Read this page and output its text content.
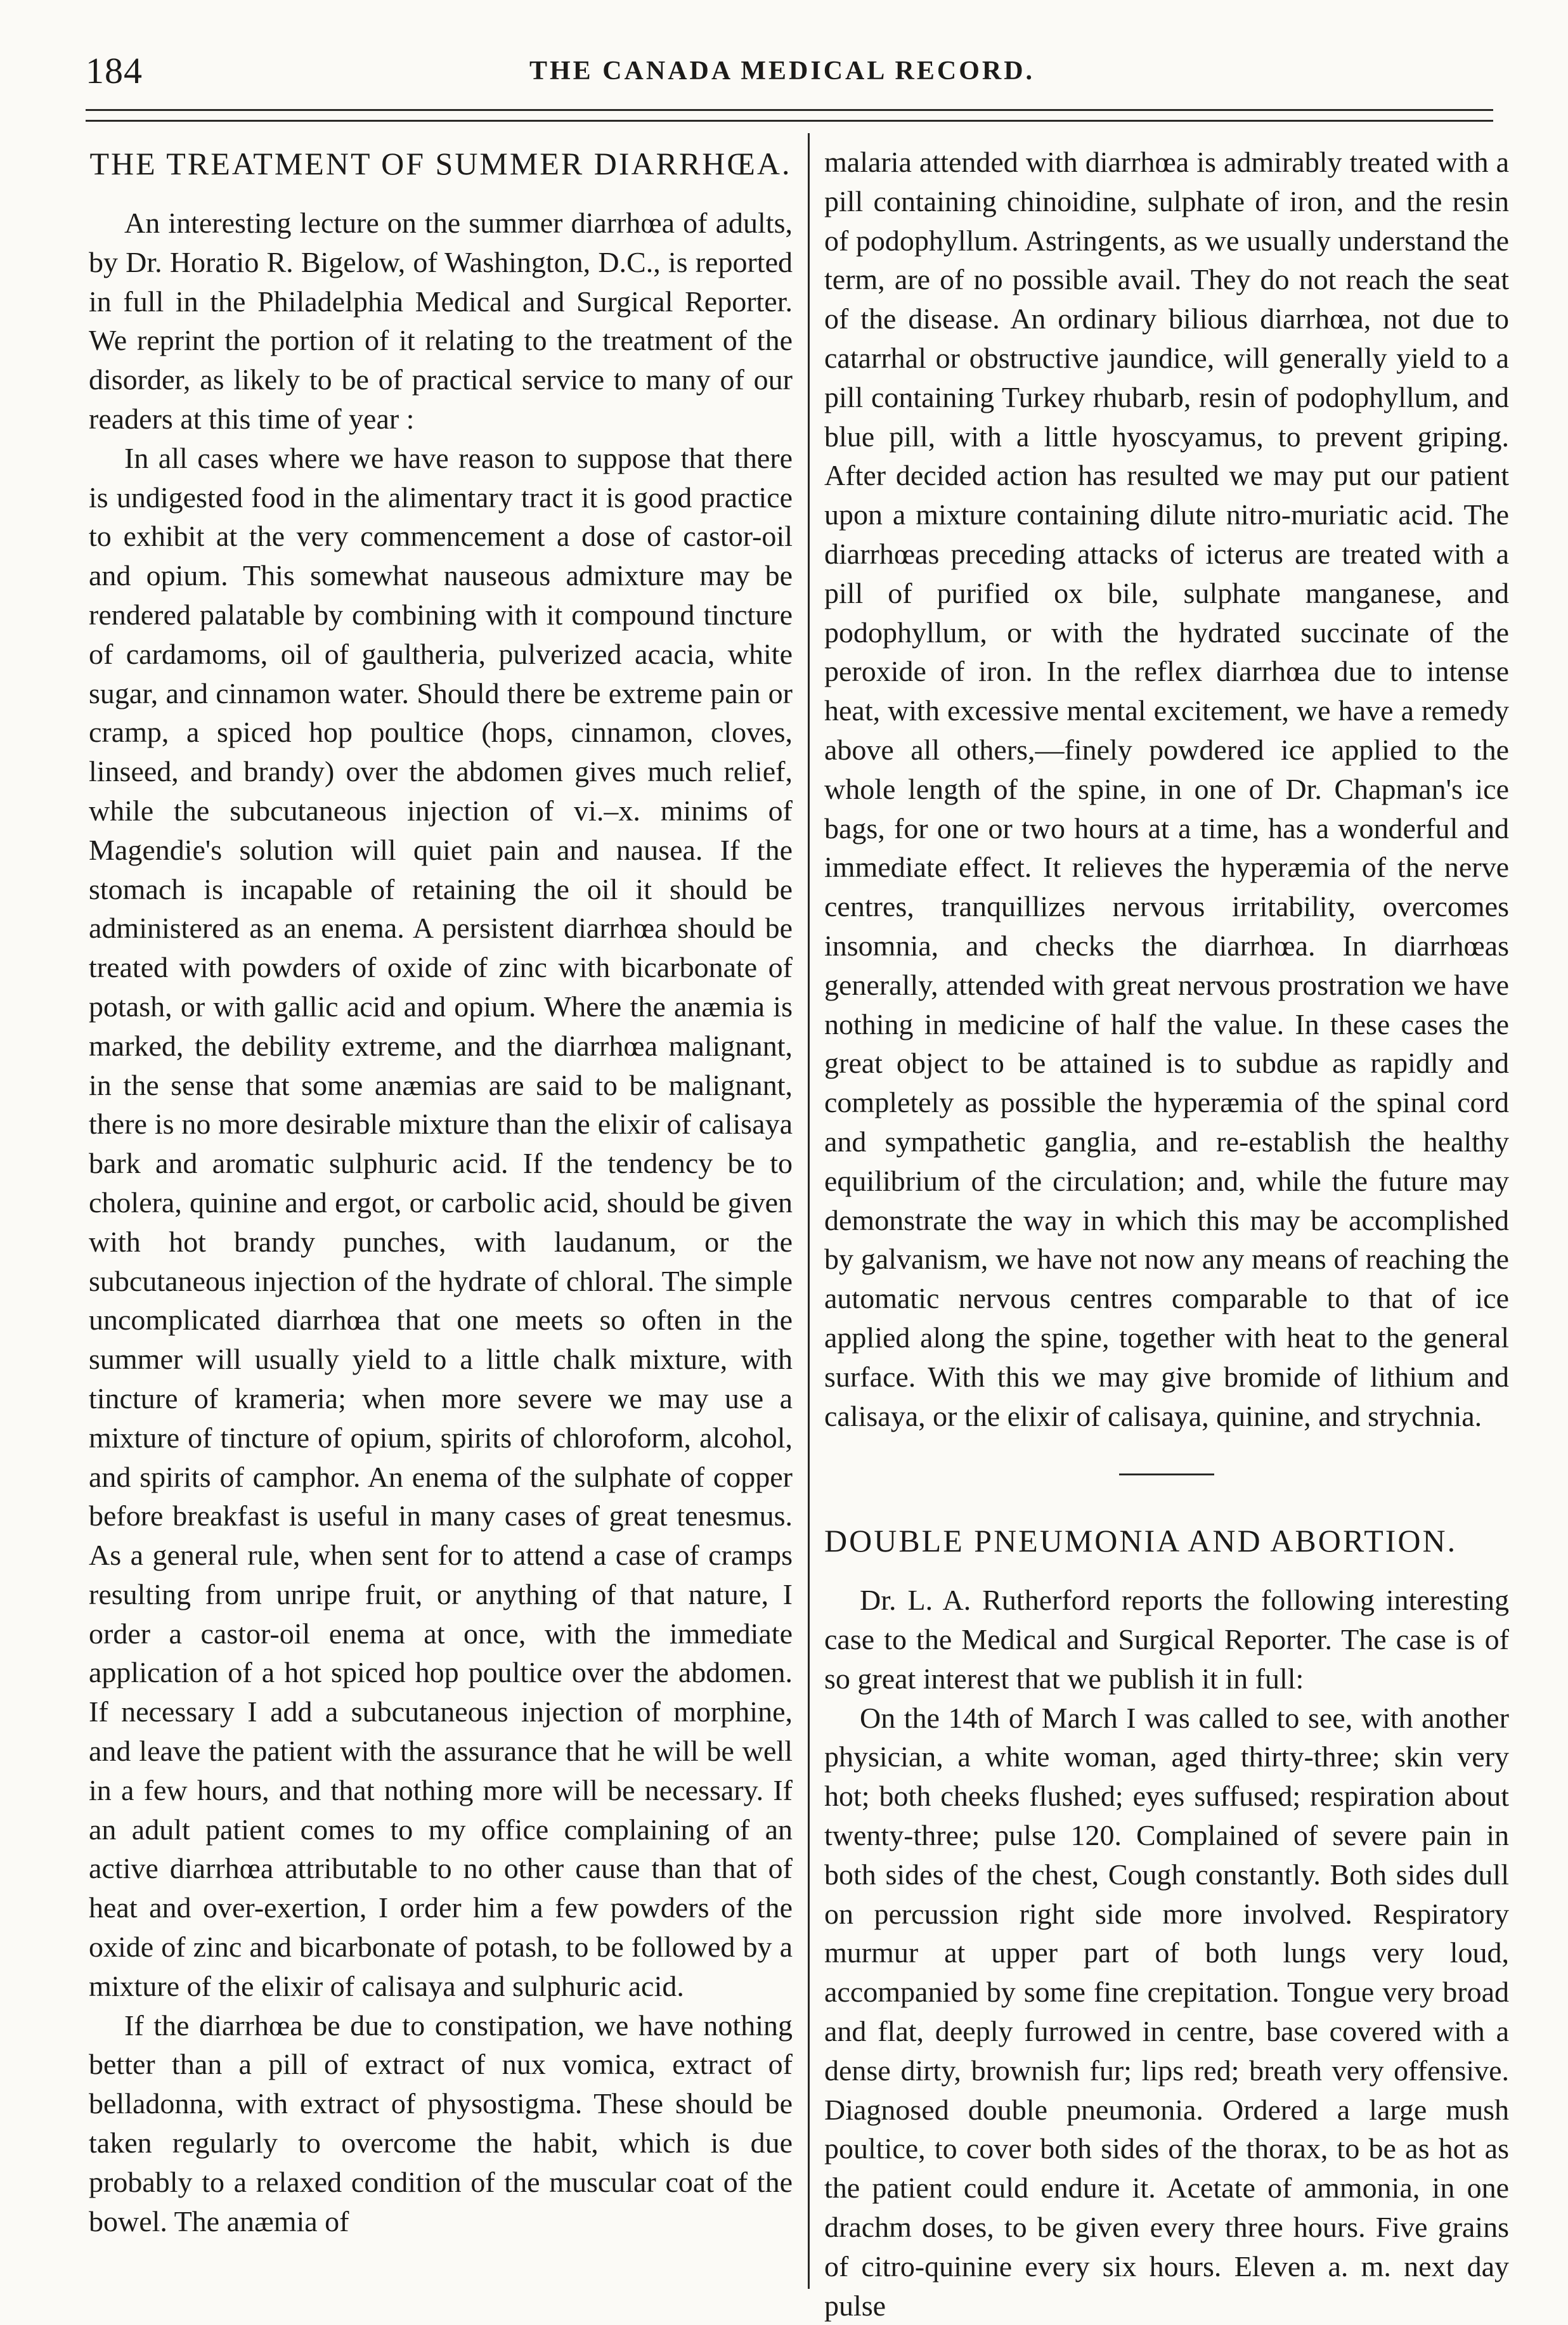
184	THE CANADA MEDICAL RECORD.
THE TREATMENT OF SUMMER DIARRHŒA.

An interesting lecture on the summer diarrhœa of adults, by Dr. Horatio R. Bigelow, of Washington, D.C., is reported in full in the Philadelphia Medical and Surgical Reporter. We reprint the portion of it relating to the treatment of the disorder, as likely to be of practical service to many of our readers at this time of year :

In all cases where we have reason to suppose that there is undigested food in the alimentary tract it is good practice to exhibit at the very commencement a dose of castor-oil and opium. This somewhat nauseous admixture may be rendered palatable by combining with it compound tincture of cardamoms, oil of gaultheria, pulverized acacia, white sugar, and cinnamon water. Should there be extreme pain or cramp, a spiced hop poultice (hops, cinnamon, cloves, linseed, and brandy) over the abdomen gives much relief, while the subcutaneous injection of vi.–x. minims of Magendie's solution will quiet pain and nausea. If the stomach is incapable of retaining the oil it should be administered as an enema. A persistent diarrhœa should be treated with powders of oxide of zinc with bicarbonate of potash, or with gallic acid and opium. Where the anæmia is marked, the debility extreme, and the diarrhœa malignant, in the sense that some anæmias are said to be malignant, there is no more desirable mixture than the elixir of calisaya bark and aromatic sulphuric acid. If the tendency be to cholera, quinine and ergot, or carbolic acid, should be given with hot brandy punches, with laudanum, or the subcutaneous injection of the hydrate of chloral. The simple uncomplicated diarrhœa that one meets so often in the summer will usually yield to a little chalk mixture, with tincture of krameria; when more severe we may use a mixture of tincture of opium, spirits of chloroform, alcohol, and spirits of camphor. An enema of the sulphate of copper before breakfast is useful in many cases of great tenesmus. As a general rule, when sent for to attend a case of cramps resulting from unripe fruit, or anything of that nature, I order a castor-oil enema at once, with the immediate application of a hot spiced hop poultice over the abdomen. If necessary I add a subcutaneous injection of morphine, and leave the patient with the assurance that he will be well in a few hours, and that nothing more will be necessary. If an adult patient comes to my office complaining of an active diarrhœa attributable to no other cause than that of heat and over-exertion, I order him a few powders of the oxide of zinc and bicarbonate of potash, to be followed by a mixture of the elixir of calisaya and sulphuric acid.

If the diarrhœa be due to constipation, we have nothing better than a pill of extract of nux vomica, extract of belladonna, with extract of physostigma. These should be taken regularly to overcome the habit, which is due probably to a relaxed condition of the muscular coat of the bowel. The anæmia of

malaria attended with diarrhœa is admirably treated with a pill containing chinoidine, sulphate of iron, and the resin of podophyllum. Astringents, as we usually understand the term, are of no possible avail. They do not reach the seat of the disease. An ordinary bilious diarrhœa, not due to catarrhal or obstructive jaundice, will generally yield to a pill containing Turkey rhubarb, resin of podophyllum, and blue pill, with a little hyoscyamus, to prevent griping. After decided action has resulted we may put our patient upon a mixture containing dilute nitro-muriatic acid. The diarrhœas preceding attacks of icterus are treated with a pill of purified ox bile, sulphate manganese, and podophyllum, or with the hydrated succinate of the peroxide of iron. In the reflex diarrhœa due to intense heat, with excessive mental excitement, we have a remedy above all others,—finely powdered ice applied to the whole length of the spine, in one of Dr. Chapman's ice bags, for one or two hours at a time, has a wonderful and immediate effect. It relieves the hyperæmia of the nerve centres, tranquillizes nervous irritability, overcomes insomnia, and checks the diarrhœa. In diarrhœas generally, attended with great nervous prostration we have nothing in medicine of half the value. In these cases the great object to be attained is to subdue as rapidly and completely as possible the hyperæmia of the spinal cord and sympathetic ganglia, and re-establish the healthy equilibrium of the circulation; and, while the future may demonstrate the way in which this may be accomplished by galvanism, we have not now any means of reaching the automatic nervous centres comparable to that of ice applied along the spine, together with heat to the general surface. With this we may give bromide of lithium and calisaya, or the elixir of calisaya, quinine, and strychnia.

DOUBLE PNEUMONIA AND ABORTION.

Dr. L. A. Rutherford reports the following interesting case to the Medical and Surgical Reporter. The case is of so great interest that we publish it in full:

On the 14th of March I was called to see, with another physician, a white woman, aged thirty-three; skin very hot; both cheeks flushed; eyes suffused; respiration about twenty-three; pulse 120. Complained of severe pain in both sides of the chest, Cough constantly. Both sides dull on percussion right side more involved. Respiratory murmur at upper part of both lungs very loud, accompanied by some fine crepitation. Tongue very broad and flat, deeply furrowed in centre, base covered with a dense dirty, brownish fur; lips red; breath very offensive. Diagnosed double pneumonia. Ordered a large mush poultice, to cover both sides of the thorax, to be as hot as the patient could endure it. Acetate of ammonia, in one drachm doses, to be given every three hours. Five grains of citro-quinine every six hours. Eleven a. m. next day pulse
